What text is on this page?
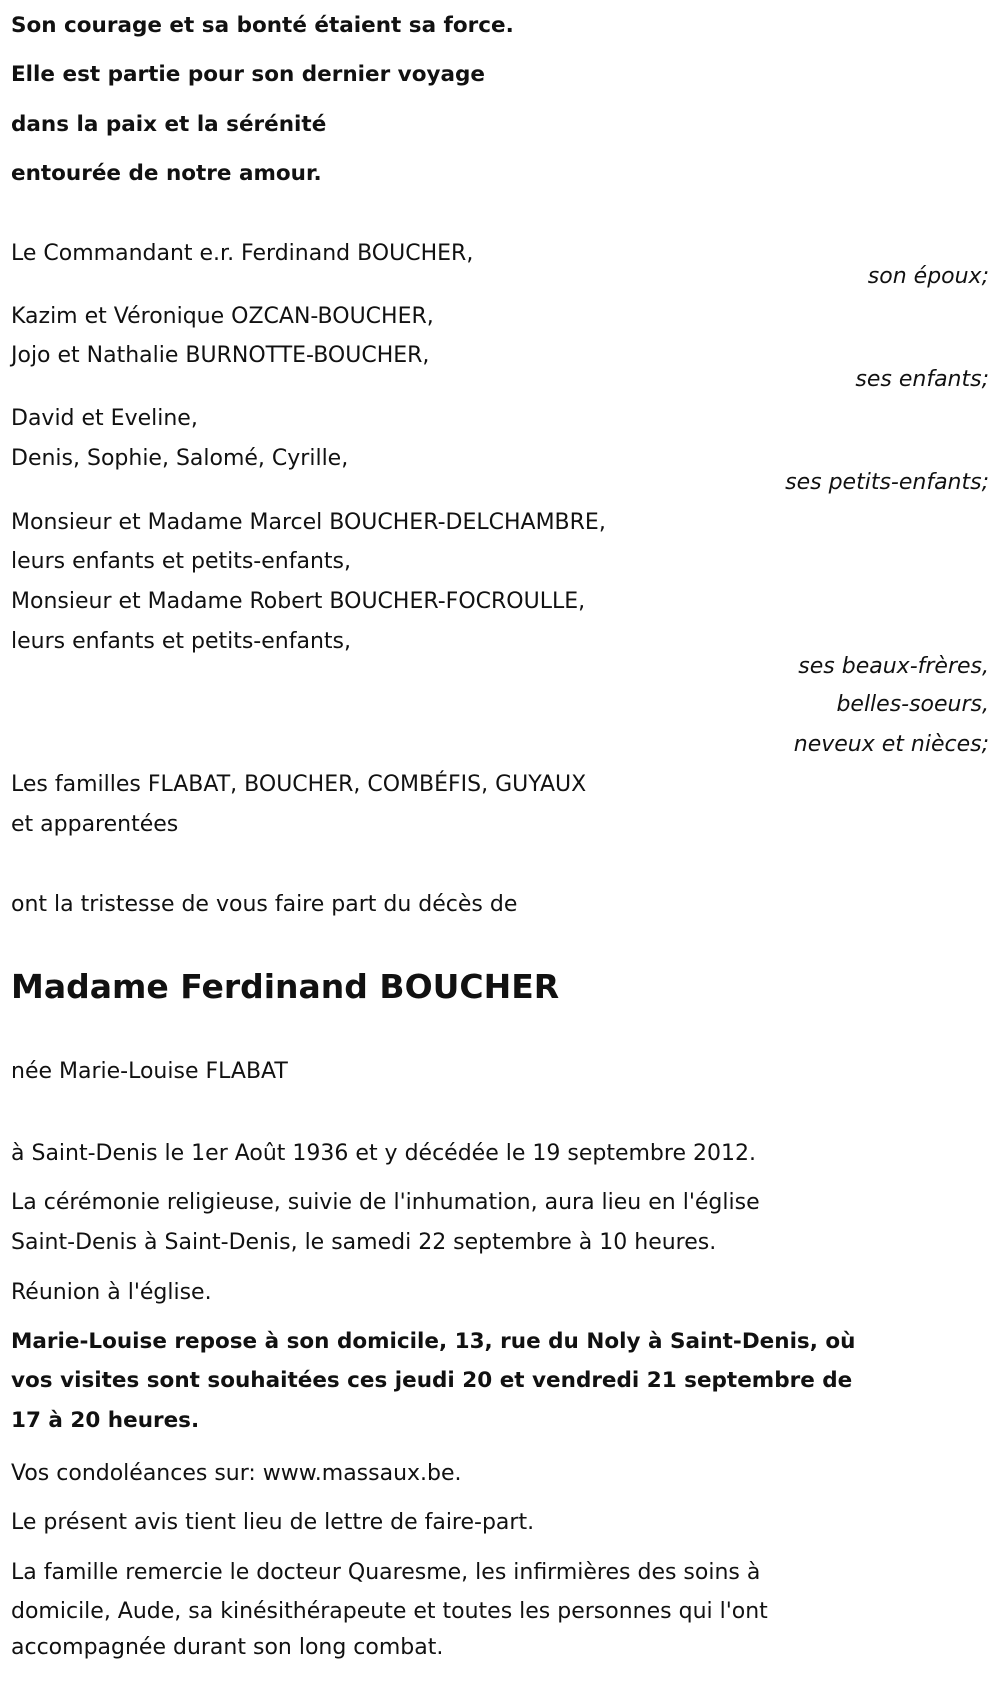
Son courage et sa bonté étaient sa force.
Elle est partie pour son dernier voyage
dans la paix et la sérénité
entourée de notre amour.
Le Commandant e.r. Ferdinand BOUCHER,
son époux;
Kazim et Véronique OZCAN-BOUCHER,
Jojo et Nathalie BURNOTTE-BOUCHER,
ses enfants;
David et Eveline,
Denis, Sophie, Salomé, Cyrille,
ses petits-enfants;
Monsieur et Madame Marcel BOUCHER-DELCHAMBRE,
leurs enfants et petits-enfants,
Monsieur et Madame Robert BOUCHER-FOCROULLE,
leurs enfants et petits-enfants,
ses beaux-frères,
belles-soeurs,
neveux et nièces;
Les familles FLABAT, BOUCHER, COMBÉFIS, GUYAUX
et apparentées
ont la tristesse de vous faire part du décès de
Madame Ferdinand BOUCHER
née Marie-Louise FLABAT
à Saint-Denis le 1er Août 1936 et y décédée le 19 septembre 2012.
La cérémonie religieuse, suivie de l'inhumation, aura lieu en l'église
Saint-Denis à Saint-Denis, le samedi 22 septembre à 10 heures.
Réunion à l'église.
Marie-Louise repose à son domicile, 13, rue du Noly à Saint-Denis, où
vos visites sont souhaitées ces jeudi 20 et vendredi 21 septembre de
17 à 20 heures.
Vos condoléances sur: www.massaux.be.
Le présent avis tient lieu de lettre de faire-part.
La famille remercie le docteur Quaresme, les infirmières des soins à
domicile, Aude, sa kinésithérapeute et toutes les personnes qui l'ont
accompagnée durant son long combat.
